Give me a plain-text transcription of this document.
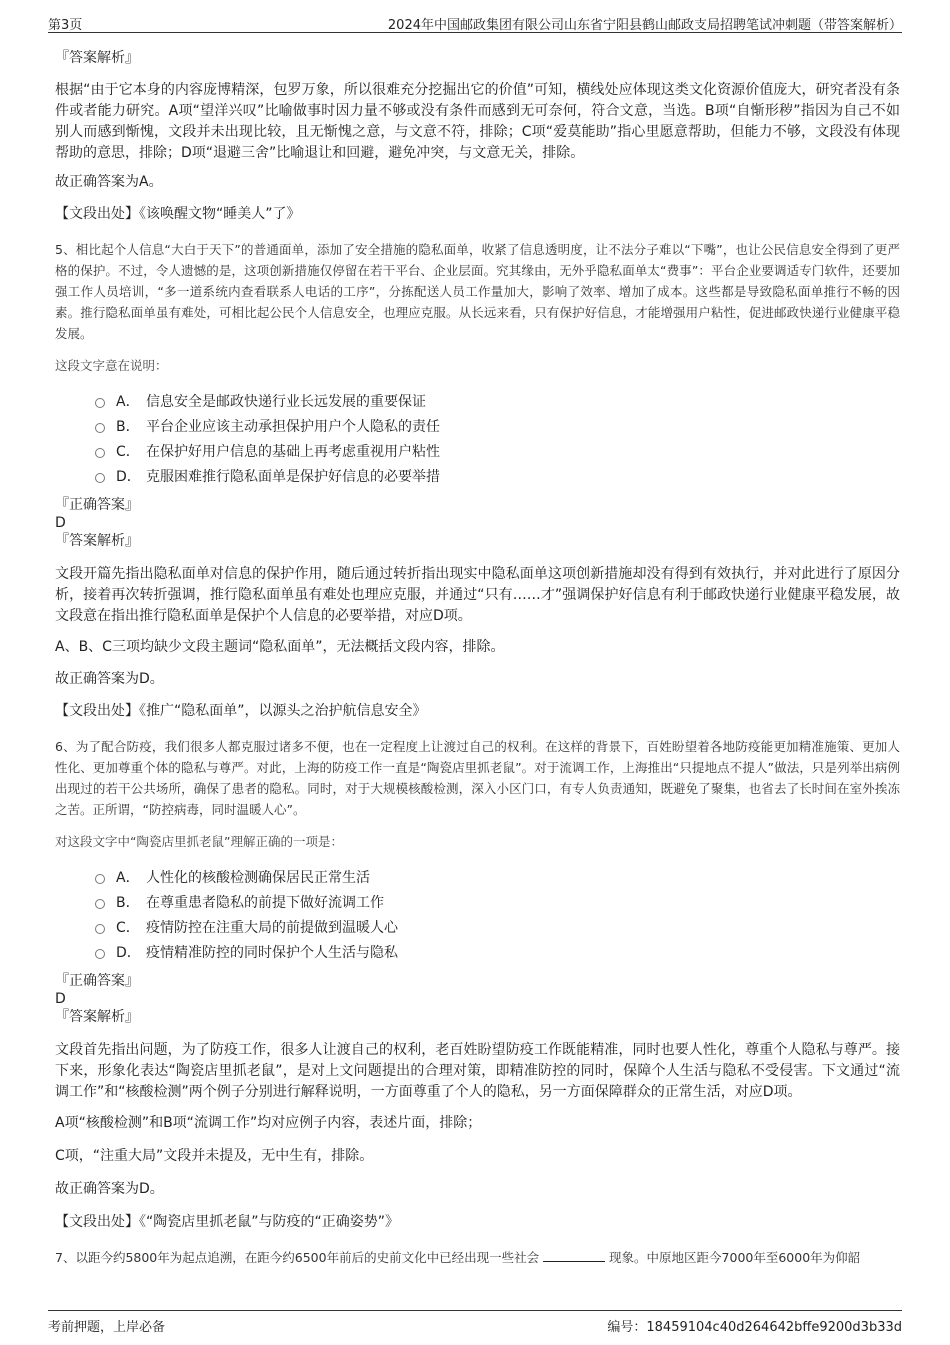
第3页	2024年中国邮政集团有限公司山东省宁阳县鹤山邮政支局招聘笔试冲刺题（带答案解析）

『答案解析』

根据“由于它本身的内容庞博精深，包罗万象，所以很难充分挖掘出它的价值”可知，横线处应体现这类文化资源价值庞大，研究者没有条件或者能力研究。A项“望洋兴叹”比喻做事时因力量不够或没有条件而感到无可奈何，符合文意，当选。B项“自惭形秽”指因为自己不如别人而感到惭愧，文段并未出现比较，且无惭愧之意，与文意不符，排除；C项“爱莫能助”指心里愿意帮助，但能力不够，文段没有体现帮助的意思，排除；D项“退避三舍”比喻退让和回避，避免冲突，与文意无关，排除。

故正确答案为A。

【文段出处】《该唤醒文物“睡美人”了》

5、相比起个人信息“大白于天下”的普通面单，添加了安全措施的隐私面单，收紧了信息透明度，让不法分子难以“下嘴”，也让公民信息安全得到了更严格的保护。不过，令人遗憾的是，这项创新措施仅停留在若干平台、企业层面。究其缘由，无外乎隐私面单太“费事”：平台企业要调适专门软件，还要加强工作人员培训，“多一道系统内查看联系人电话的工序”，分拣配送人员工作量加大，影响了效率、增加了成本。这些都是导致隐私面单推行不畅的因素。推行隐私面单虽有难处，可相比起公民个人信息安全，也理应克服。从长远来看，只有保护好信息，才能增强用户粘性，促进邮政快递行业健康平稳发展。

这段文字意在说明：

A． 信息安全是邮政快递行业长远发展的重要保证
B． 平台企业应该主动承担保护用户个人隐私的责任
C． 在保护好用户信息的基础上再考虑重视用户粘性
D． 克服困难推行隐私面单是保护好信息的必要举措

『正确答案』

D

『答案解析』

文段开篇先指出隐私面单对信息的保护作用，随后通过转折指出现实中隐私面单这项创新措施却没有得到有效执行，并对此进行了原因分析，接着再次转折强调，推行隐私面单虽有难处也理应克服，并通过“只有……才”强调保护好信息有利于邮政快递行业健康平稳发展，故文段意在指出推行隐私面单是保护个人信息的必要举措，对应D项。

A、B、C三项均缺少文段主题词“隐私面单”，无法概括文段内容，排除。

故正确答案为D。

【文段出处】《推广“隐私面单”，以源头之治护航信息安全》

6、为了配合防疫，我们很多人都克服过诸多不便，也在一定程度上让渡过自己的权利。在这样的背景下，百姓盼望着各地防疫能更加精准施策、更加人性化、更加尊重个体的隐私与尊严。对此，上海的防疫工作一直是“陶瓷店里抓老鼠”。对于流调工作，上海推出“只提地点不提人”做法，只是列举出病例出现过的若干公共场所，确保了患者的隐私。同时，对于大规模核酸检测，深入小区门口，有专人负责通知，既避免了聚集，也省去了长时间在室外挨冻之苦。正所谓，“防控病毒，同时温暖人心”。

对这段文字中“陶瓷店里抓老鼠”理解正确的一项是：

A． 人性化的核酸检测确保居民正常生活
B． 在尊重患者隐私的前提下做好流调工作
C． 疫情防控在注重大局的前提做到温暖人心
D． 疫情精准防控的同时保护个人生活与隐私

『正确答案』

D

『答案解析』

文段首先指出问题，为了防疫工作，很多人让渡自己的权利，老百姓盼望防疫工作既能精准，同时也要人性化，尊重个人隐私与尊严。接下来，形象化表达“陶瓷店里抓老鼠”，是对上文问题提出的合理对策，即精准防控的同时，保障个人生活与隐私不受侵害。下文通过“流调工作”和“核酸检测”两个例子分别进行解释说明，一方面尊重了个人的隐私，另一方面保障群众的正常生活，对应D项。

A项“核酸检测”和B项“流调工作”均对应例子内容，表述片面，排除；

C项，“注重大局”文段并未提及，无中生有，排除。

故正确答案为D。

【文段出处】《“陶瓷店里抓老鼠”与防疫的“正确姿势”》

7、以距今约5800年为起点追溯，在距今约6500年前后的史前文化中已经出现一些社会	现象。中原地区距今7000年至6000年为仰韶

考前押题，上岸必备	编号：18459104c40d264642bffe9200d3b33d
